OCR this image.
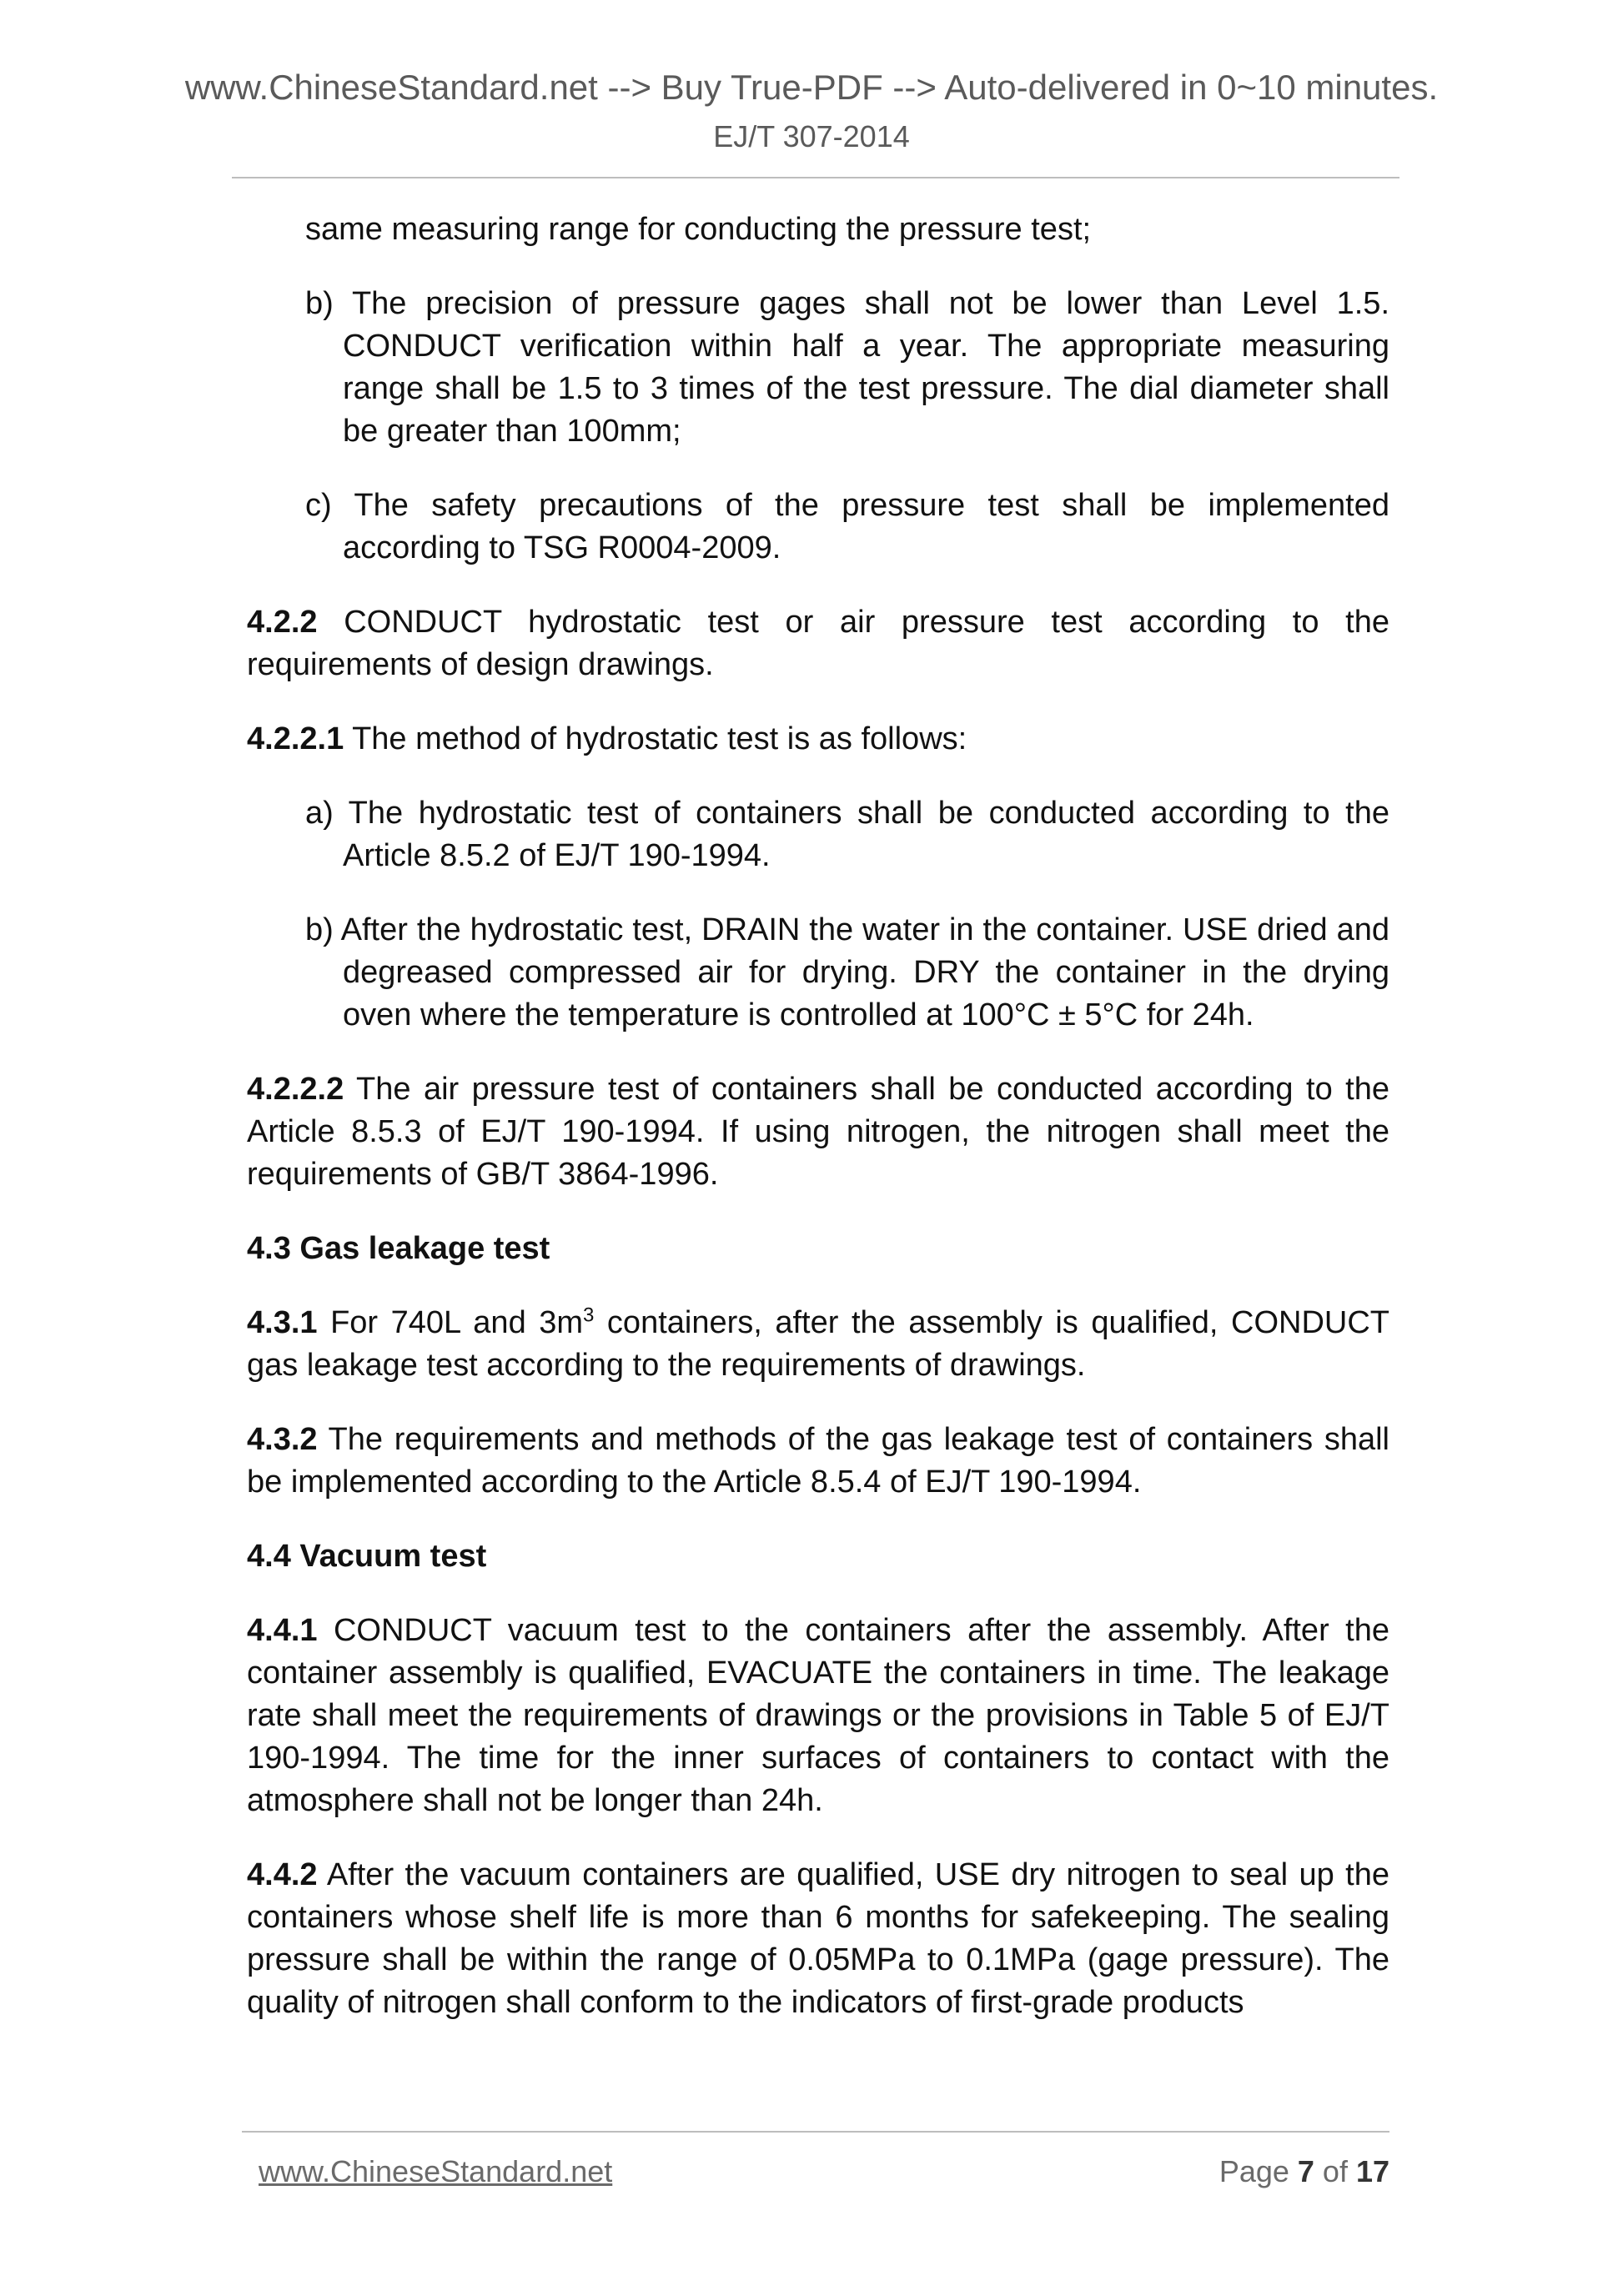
www.ChineseStandard.net --> Buy True-PDF --> Auto-delivered in 0~10 minutes.
EJ/T 307-2014

same measuring range for conducting the pressure test;

b) The precision of pressure gages shall not be lower than Level 1.5. CONDUCT verification within half a year. The appropriate measuring range shall be 1.5 to 3 times of the test pressure. The dial diameter shall be greater than 100mm;

c) The safety precautions of the pressure test shall be implemented according to TSG R0004-2009.

4.2.2 CONDUCT hydrostatic test or air pressure test according to the requirements of design drawings.

4.2.2.1 The method of hydrostatic test is as follows:

a) The hydrostatic test of containers shall be conducted according to the Article 8.5.2 of EJ/T 190-1994.

b) After the hydrostatic test, DRAIN the water in the container. USE dried and degreased compressed air for drying. DRY the container in the drying oven where the temperature is controlled at 100°C ± 5°C for 24h.

4.2.2.2 The air pressure test of containers shall be conducted according to the Article 8.5.3 of EJ/T 190-1994. If using nitrogen, the nitrogen shall meet the requirements of GB/T 3864-1996.

4.3 Gas leakage test

4.3.1 For 740L and $3m^3$ containers, after the assembly is qualified, CONDUCT gas leakage test according to the requirements of drawings.

4.3.2 The requirements and methods of the gas leakage test of containers shall be implemented according to the Article 8.5.4 of EJ/T 190-1994.

4.4 Vacuum test

4.4.1 CONDUCT vacuum test to the containers after the assembly. After the container assembly is qualified, EVACUATE the containers in time. The leakage rate shall meet the requirements of drawings or the provisions in Table 5 of EJ/T 190-1994. The time for the inner surfaces of containers to contact with the atmosphere shall not be longer than 24h.

4.4.2 After the vacuum containers are qualified, USE dry nitrogen to seal up the containers whose shelf life is more than 6 months for safekeeping. The sealing pressure shall be within the range of 0.05MPa to 0.1MPa (gage pressure). The quality of nitrogen shall conform to the indicators of first-grade products

www.ChineseStandard.net	Page 7 of 17
